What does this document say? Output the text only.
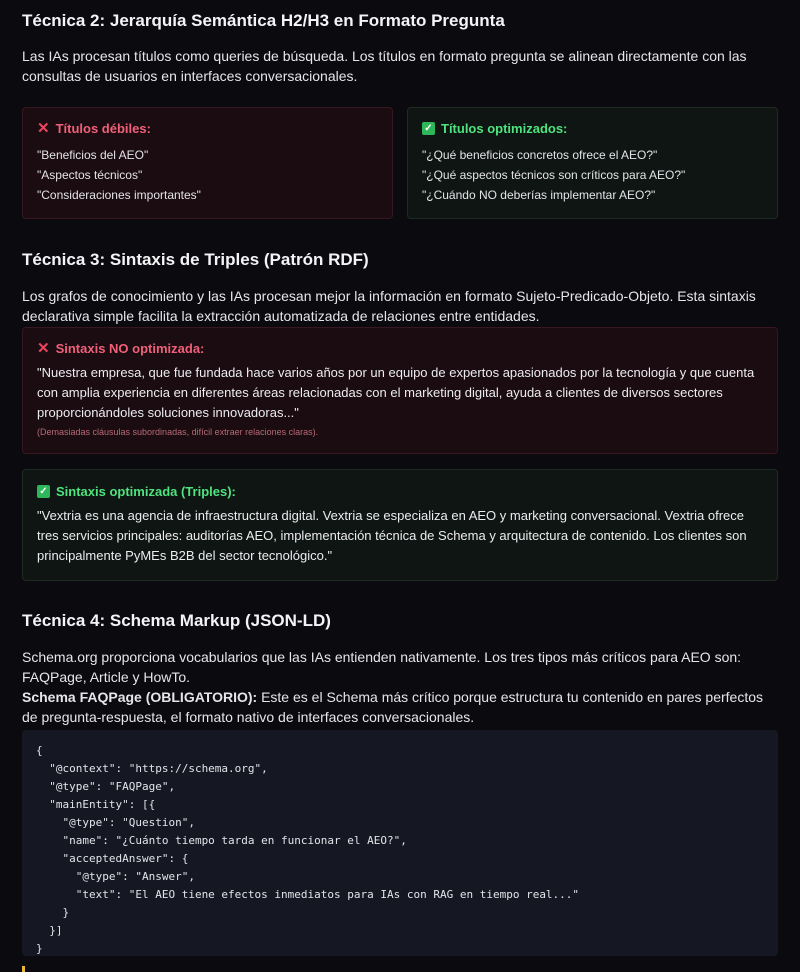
Técnica 2: Jerarquía Semántica H2/H3 en Formato Pregunta

Las IAs procesan títulos como queries de búsqueda. Los títulos en formato pregunta se alinean directamente con las consultas de usuarios en interfaces conversacionales.

✕ Títulos débiles:
"Beneficios del AEO"
"Aspectos técnicos"
"Consideraciones importantes"
✓ Títulos optimizados:
"¿Qué beneficios concretos ofrece el AEO?"
"¿Qué aspectos técnicos son críticos para AEO?"
"¿Cuándo NO deberías implementar AEO?"
Técnica 3: Sintaxis de Triples (Patrón RDF)

Los grafos de conocimiento y las IAs procesan mejor la información en formato Sujeto-Predicado-Objeto. Esta sintaxis declarativa simple facilita la extracción automatizada de relaciones entre entidades.

✕ Sintaxis NO optimizada:
"Nuestra empresa, que fue fundada hace varios años por un equipo de expertos apasionados por la tecnología y que cuenta con amplia experiencia en diferentes áreas relacionadas con el marketing digital, ayuda a clientes de diversos sectores proporcionándoles soluciones innovadoras..."
(Demasiadas cláusulas subordinadas, difícil extraer relaciones claras).
✓ Sintaxis optimizada (Triples):
"Vextria es una agencia de infraestructura digital. Vextria se especializa en AEO y marketing conversacional. Vextria ofrece tres servicios principales: auditorías AEO, implementación técnica de Schema y arquitectura de contenido. Los clientes son principalmente PyMEs B2B del sector tecnológico."
Técnica 4: Schema Markup (JSON-LD)

Schema.org proporciona vocabularios que las IAs entienden nativamente. Los tres tipos más críticos para AEO son: FAQPage, Article y HowTo.
Schema FAQPage (OBLIGATORIO): Este es el Schema más crítico porque estructura tu contenido en pares perfectos de pregunta-respuesta, el formato nativo de interfaces conversacionales.

{
"@context": "https://schema.org",
"@type": "FAQPage",
"mainEntity": [{
"@type": "Question",
"name": "¿Cuánto tiempo tarda en funcionar el AEO?",
"acceptedAnswer": {
"@type": "Answer",
"text": "El AEO tiene efectos inmediatos para IAs con RAG en tiempo real..."
}
}]
}
